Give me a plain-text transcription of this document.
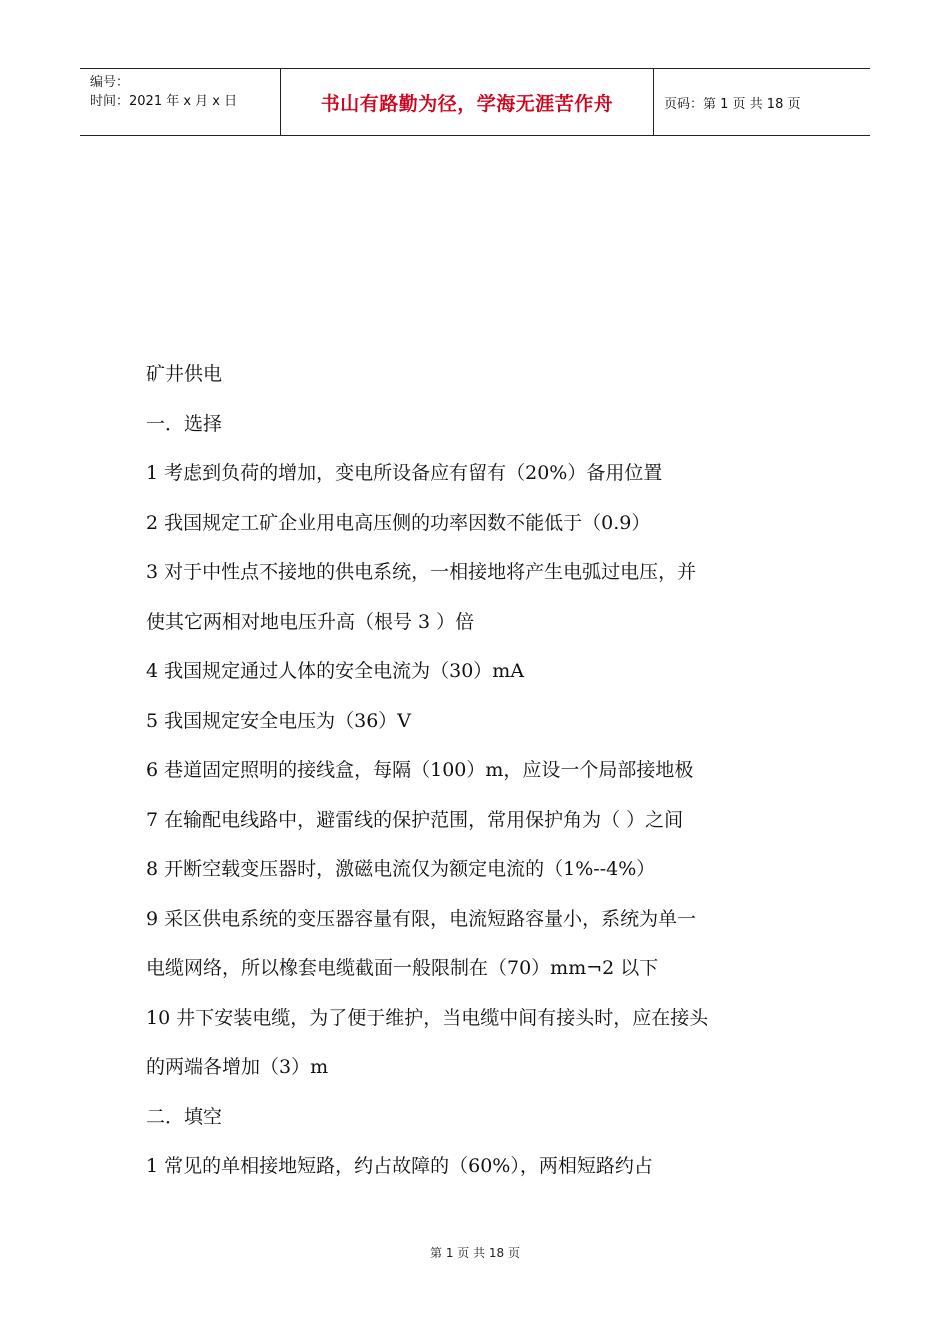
编号：
时间：2021 年 x 月 x 日	书山有路勤为径，学海无涯苦作舟	页码：第 1 页 共 18 页
矿井供电
一．选择
1 考虑到负荷的增加，变电所设备应有留有（20%）备用位置
2 我国规定工矿企业用电高压侧的功率因数不能低于（0.9）
3 对于中性点不接地的供电系统，一相接地将产生电弧过电压，并
使其它两相对地电压升高（根号 3 ）倍
4 我国规定通过人体的安全电流为（30）mA
5 我国规定安全电压为（36）V
6 巷道固定照明的接线盒，每隔（100）m，应设一个局部接地极
7 在输配电线路中，避雷线的保护范围，常用保护角为（ ）之间
8 开断空载变压器时，激磁电流仅为额定电流的（1%--4%）
9 采区供电系统的变压器容量有限，电流短路容量小，系统为单一
电缆网络，所以橡套电缆截面一般限制在（70）mm¬2 以下
10 井下安装电缆，为了便于维护，当电缆中间有接头时，应在接头
的两端各增加（3）m
二．填空
1 常见的单相接地短路，约占故障的（60%），两相短路约占
第 1 页 共 18 页
